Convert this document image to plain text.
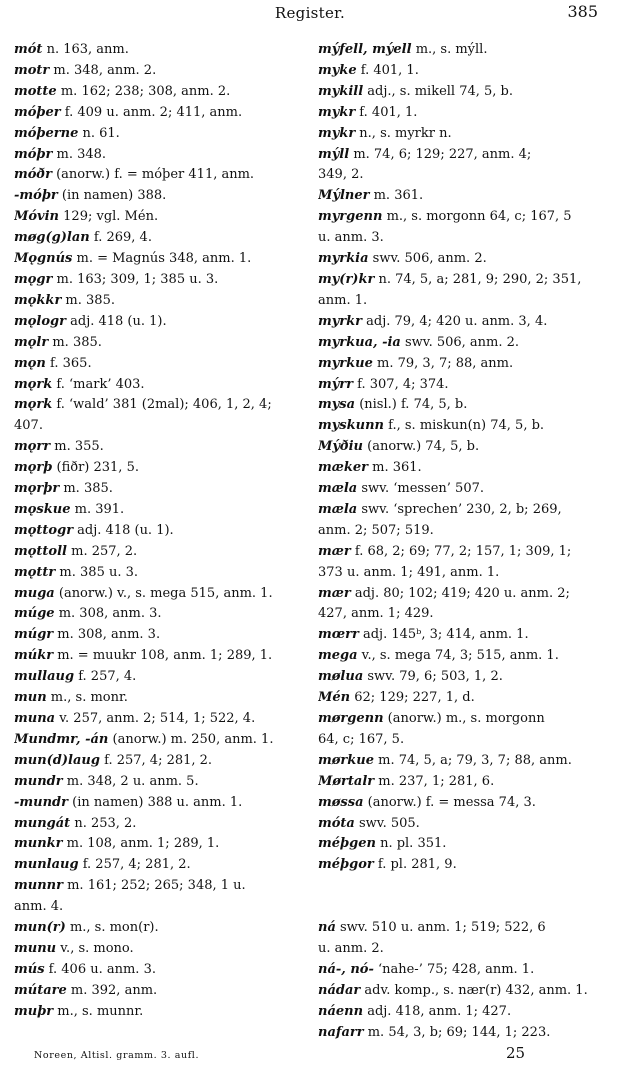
Register.	385
mót n. 163, anm.
motr m. 348, anm. 2.
motte m. 162; 238; 308, anm. 2.
móþer f. 409 u. anm. 2; 411, anm.
móþerne n. 61.
móþr m. 348.
móðr (anorw.) f. = móþer 411, anm.
-móþr (in namen) 388.
Móvin 129; vgl. Mén.
møg(g)lan f. 269, 4.
Mǫgnús m. = Magnús 348, anm. 1.
mǫgr m. 163; 309, 1; 385 u. 3.
mǫkkr m. 385.
mǫlogr adj. 418 (u. 1).
mǫlr m. 385.
mǫn f. 365.
mǫrk f. ‘mark’ 403.
mǫrk f. ‘wald’ 381 (2mal); 406, 1, 2, 4;
407.
mǫrr m. 355.
mǫrþ (fiðr) 231, 5.
mǫrþr m. 385.
mǫskue m. 391.
mǫttogr adj. 418 (u. 1).
mǫttoll m. 257, 2.
mǫttr m. 385 u. 3.
muga (anorw.) v., s. mega 515, anm. 1.
múge m. 308, anm. 3.
múgr m. 308, anm. 3.
múkr m. = muukr 108, anm. 1; 289, 1.
mullaug f. 257, 4.
mun m., s. monr.
muna v. 257, anm. 2; 514, 1; 522, 4.
Mundmr, -án (anorw.) m. 250, anm. 1.
mun(d)laug f. 257, 4; 281, 2.
mundr m. 348, 2 u. anm. 5.
-mundr (in namen) 388 u. anm. 1.
mungát n. 253, 2.
munkr m. 108, anm. 1; 289, 1.
munlaug f. 257, 4; 281, 2.
munnr m. 161; 252; 265; 348, 1 u.
anm. 4.
mun(r) m., s. mon(r).
munu v., s. mono.
mús f. 406 u. anm. 3.
mútare m. 392, anm.
muþr m., s. munnr.
mýfell, mýell m., s. mýll.
myke f. 401, 1.
mykill adj., s. mikell 74, 5, b.
mykr f. 401, 1.
mykr n., s. myrkr n.
mýll m. 74, 6; 129; 227, anm. 4;
349, 2.
Mýlner m. 361.
myrgenn m., s. morgonn 64, c; 167, 5
u. anm. 3.
myrkia swv. 506, anm. 2.
my(r)kr n. 74, 5, a; 281, 9; 290, 2; 351,
anm. 1.
myrkr adj. 79, 4; 420 u. anm. 3, 4.
myrkua, -ia swv. 506, anm. 2.
myrkue m. 79, 3, 7; 88, anm.
mýrr f. 307, 4; 374.
mysa (nisl.) f. 74, 5, b.
myskunn f., s. miskun(n) 74, 5, b.
Mýðiu (anorw.) 74, 5, b.
mæker m. 361.
mæla swv. ‘messen’ 507.
mæla swv. ‘sprechen’ 230, 2, b; 269,
anm. 2; 507; 519.
mær f. 68, 2; 69; 77, 2; 157, 1; 309, 1;
373 u. anm. 1; 491, anm. 1.
mær adj. 80; 102; 419; 420 u. anm. 2;
427, anm. 1; 429.
mœrr adj. 145ᵇ, 3; 414, anm. 1.
mega v., s. mega 74, 3; 515, anm. 1.
mølua swv. 79, 6; 503, 1, 2.
Mén 62; 129; 227, 1, d.
mørgenn (anorw.) m., s. morgonn
64, c; 167, 5.
mørkue m. 74, 5, a; 79, 3, 7; 88, anm.
Mørtalr m. 237, 1; 281, 6.
møssa (anorw.) f. = messa 74, 3.
móta swv. 505.
méþgen n. pl. 351.
méþgor f. pl. 281, 9.
ná swv. 510 u. anm. 1; 519; 522, 6
u. anm. 2.
ná-, nó- ‘nahe-’ 75; 428, anm. 1.
nádar adv. komp., s. nær(r) 432, anm. 1.
náenn adj. 418, anm. 1; 427.
nafarr m. 54, 3, b; 69; 144, 1; 223.
Noreen, Altisl. gramm. 3. aufl.	25
